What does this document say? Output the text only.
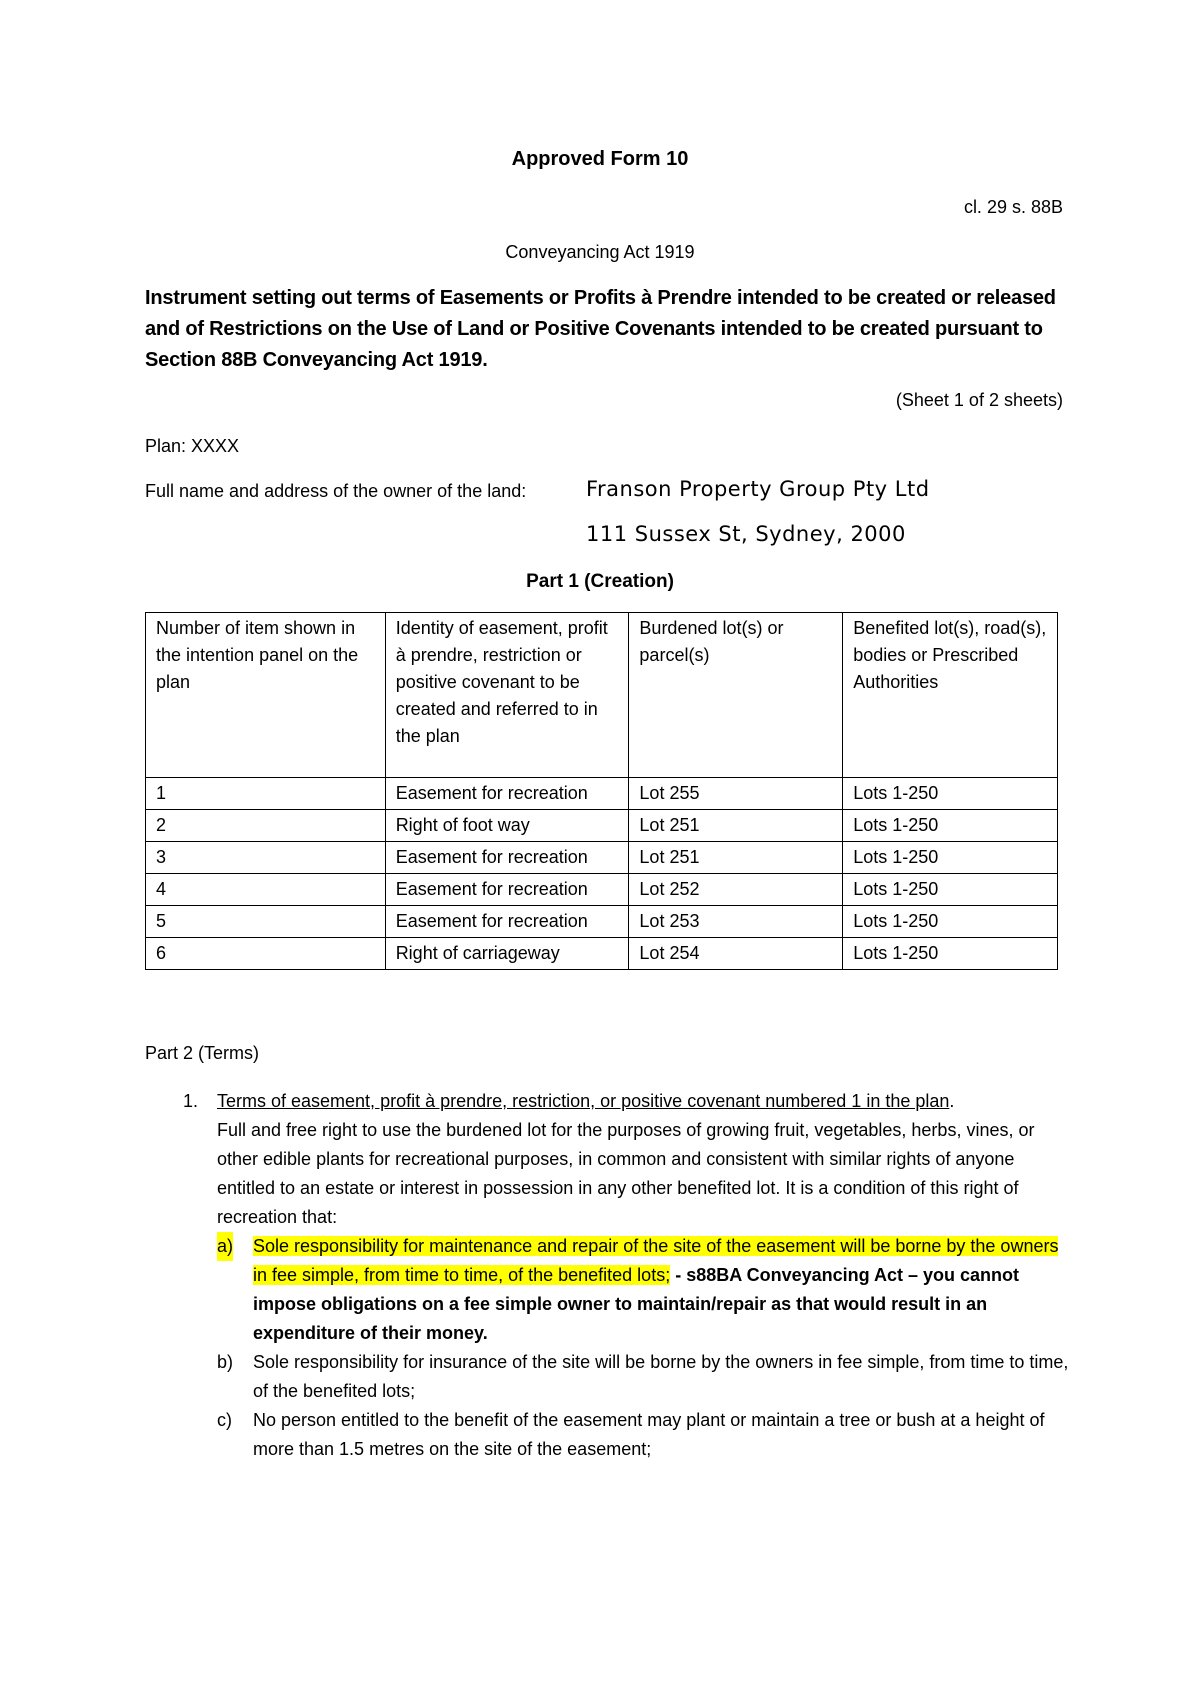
Approved Form 10
cl. 29 s. 88B
Conveyancing Act 1919
Instrument setting out terms of Easements or Profits à Prendre intended to be created or released and of Restrictions on the Use of Land or Positive Covenants intended to be created pursuant to Section 88B Conveyancing Act 1919.
(Sheet 1 of 2 sheets)
Plan: XXXX
Full name and address of the owner of the land:	Franson Property Group Pty Ltd
111 Sussex St, Sydney, 2000
Part 1 (Creation)
Number of item shown in the intention panel on the plan	Identity of easement, profit à prendre, restriction or positive covenant to be created and referred to in the plan	Burdened lot(s) or parcel(s)	Benefited lot(s), road(s), bodies or Prescribed Authorities
1	Easement for recreation	Lot 255	Lots 1-250
2	Right of foot way	Lot 251	Lots 1-250
3	Easement for recreation	Lot 251	Lots 1-250
4	Easement for recreation	Lot 252	Lots 1-250
5	Easement for recreation	Lot 253	Lots 1-250
6	Right of carriageway	Lot 254	Lots 1-250
Part 2 (Terms)
1. Terms of easement, profit à prendre, restriction, or positive covenant numbered 1 in the plan.
Full and free right to use the burdened lot for the purposes of growing fruit, vegetables, herbs, vines, or other edible plants for recreational purposes, in common and consistent with similar rights of anyone entitled to an estate or interest in possession in any other benefited lot. It is a condition of this right of recreation that:
a) Sole responsibility for maintenance and repair of the site of the easement will be borne by the owners in fee simple, from time to time, of the benefited lots; - s88BA Conveyancing Act – you cannot impose obligations on a fee simple owner to maintain/repair as that would result in an expenditure of their money.
b) Sole responsibility for insurance of the site will be borne by the owners in fee simple, from time to time, of the benefited lots;
c) No person entitled to the benefit of the easement may plant or maintain a tree or bush at a height of more than 1.5 metres on the site of the easement;
